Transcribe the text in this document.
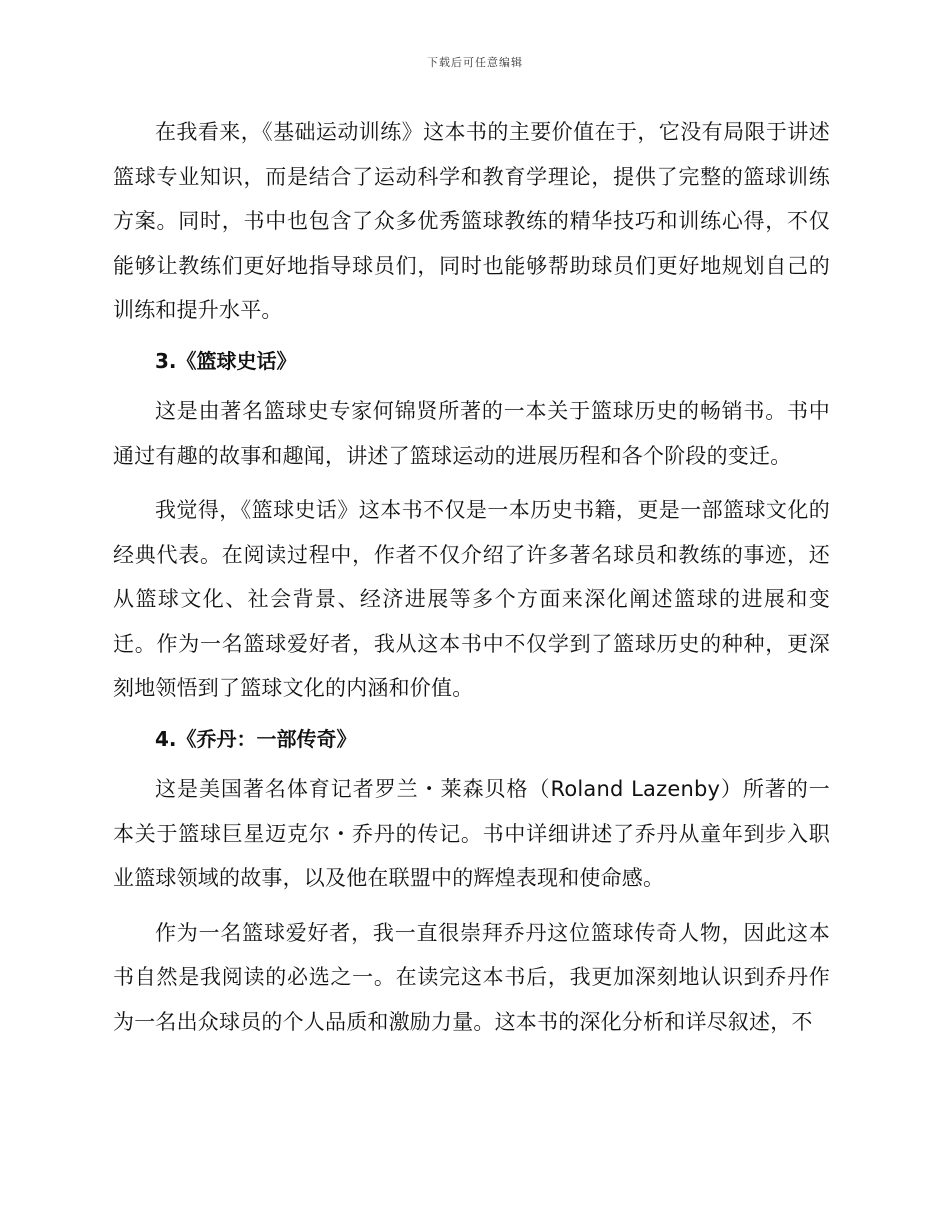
下载后可任意编辑

在我看来，《基础运动训练》这本书的主要价值在于，它没有局限于讲述篮球专业知识，而是结合了运动科学和教育学理论，提供了完整的篮球训练方案。同时，书中也包含了众多优秀篮球教练的精华技巧和训练心得，不仅能够让教练们更好地指导球员们，同时也能够帮助球员们更好地规划自己的训练和提升水平。

3.《篮球史话》

这是由著名篮球史专家何锦贤所著的一本关于篮球历史的畅销书。书中通过有趣的故事和趣闻，讲述了篮球运动的进展历程和各个阶段的变迁。

我觉得，《篮球史话》这本书不仅是一本历史书籍，更是一部篮球文化的经典代表。在阅读过程中，作者不仅介绍了许多著名球员和教练的事迹，还从篮球文化、社会背景、经济进展等多个方面来深化阐述篮球的进展和变迁。作为一名篮球爱好者，我从这本书中不仅学到了篮球历史的种种，更深刻地领悟到了篮球文化的内涵和价值。

4.《乔丹：一部传奇》

这是美国著名体育记者罗兰・莱森贝格（Roland Lazenby）所著的一本关于篮球巨星迈克尔・乔丹的传记。书中详细讲述了乔丹从童年到步入职业篮球领域的故事，以及他在联盟中的辉煌表现和使命感。

作为一名篮球爱好者，我一直很崇拜乔丹这位篮球传奇人物，因此这本书自然是我阅读的必选之一。在读完这本书后，我更加深刻地认识到乔丹作为一名出众球员的个人品质和激励力量。这本书的深化分析和详尽叙述，不
